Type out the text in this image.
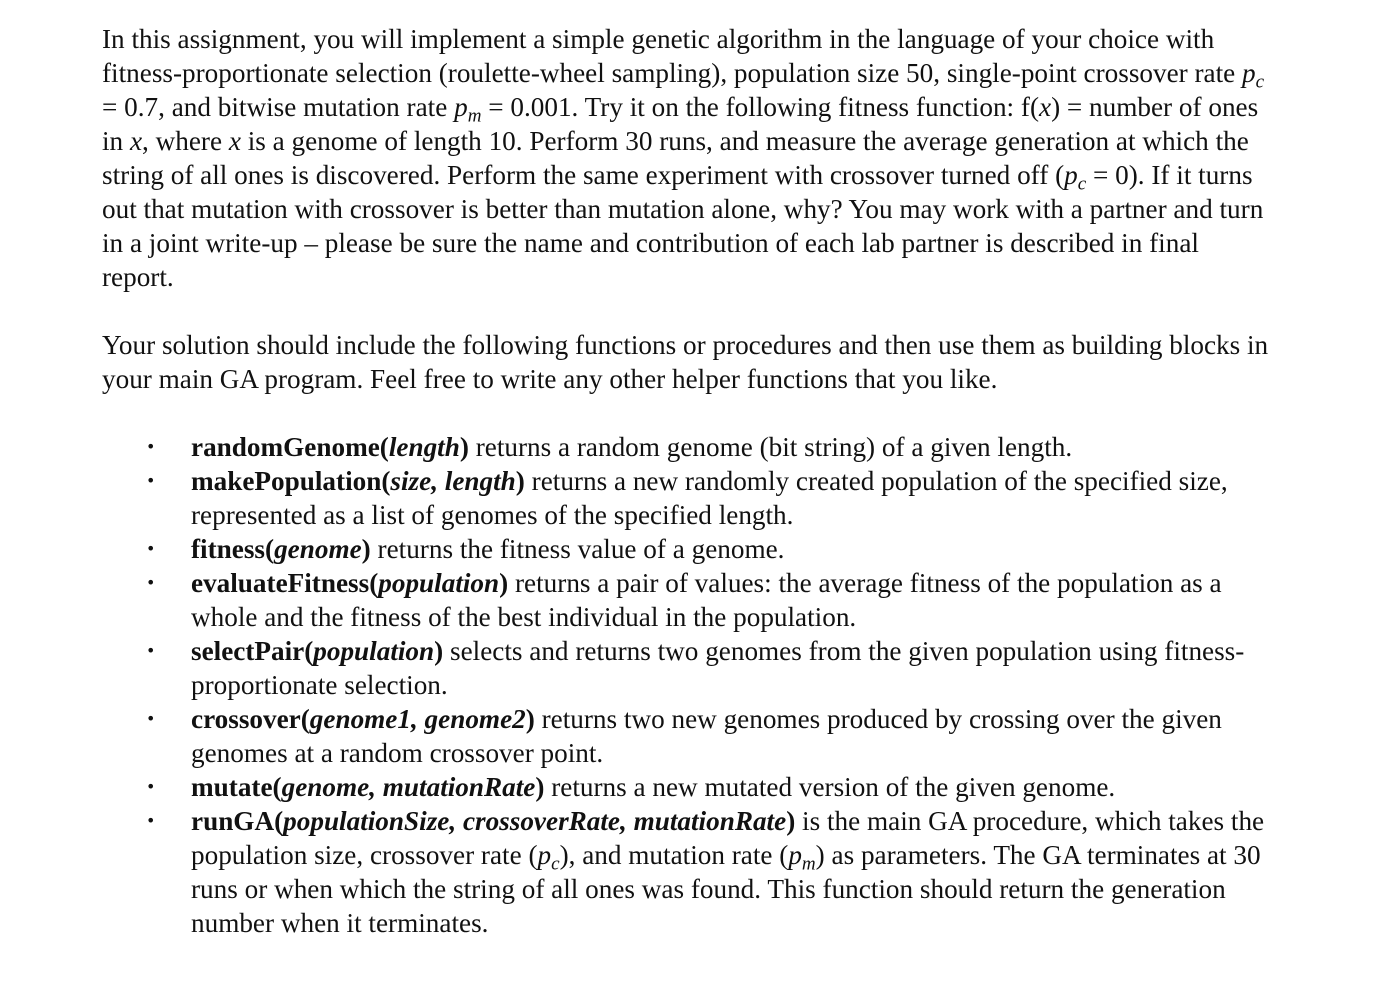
In this assignment, you will implement a simple genetic algorithm in the language of your choice with fitness-proportionate selection (roulette-wheel sampling), population size 50, single-point crossover rate $p_c = 0.7$, and bitwise mutation rate $p_m = 0.001$. Try it on the following fitness function: f(x) = number of ones in x, where x is a genome of length 10. Perform 30 runs, and measure the average generation at which the string of all ones is discovered. Perform the same experiment with crossover turned off $(p_c = 0)$. If it turns out that mutation with crossover is better than mutation alone, why? You may work with a partner and turn in a joint write-up – please be sure the name and contribution of each lab partner is described in final report.

Your solution should include the following functions or procedures and then use them as building blocks in your main GA program. Feel free to write any other helper functions that you like.

• randomGenome(length) returns a random genome (bit string) of a given length.
• makePopulation(size, length) returns a new randomly created population of the specified size, represented as a list of genomes of the specified length.
• fitness(genome) returns the fitness value of a genome.
• evaluateFitness(population) returns a pair of values: the average fitness of the population as a whole and the fitness of the best individual in the population.
• selectPair(population) selects and returns two genomes from the given population using fitness-proportionate selection.
• crossover(genome1, genome2) returns two new genomes produced by crossing over the given genomes at a random crossover point.
• mutate(genome, mutationRate) returns a new mutated version of the given genome.
• runGA(populationSize, crossoverRate, mutationRate) is the main GA procedure, which takes the population size, crossover rate $(p_c)$, and mutation rate $(p_m)$ as parameters. The GA terminates at 30 runs or when which the string of all ones was found. This function should return the generation number when it terminates.
